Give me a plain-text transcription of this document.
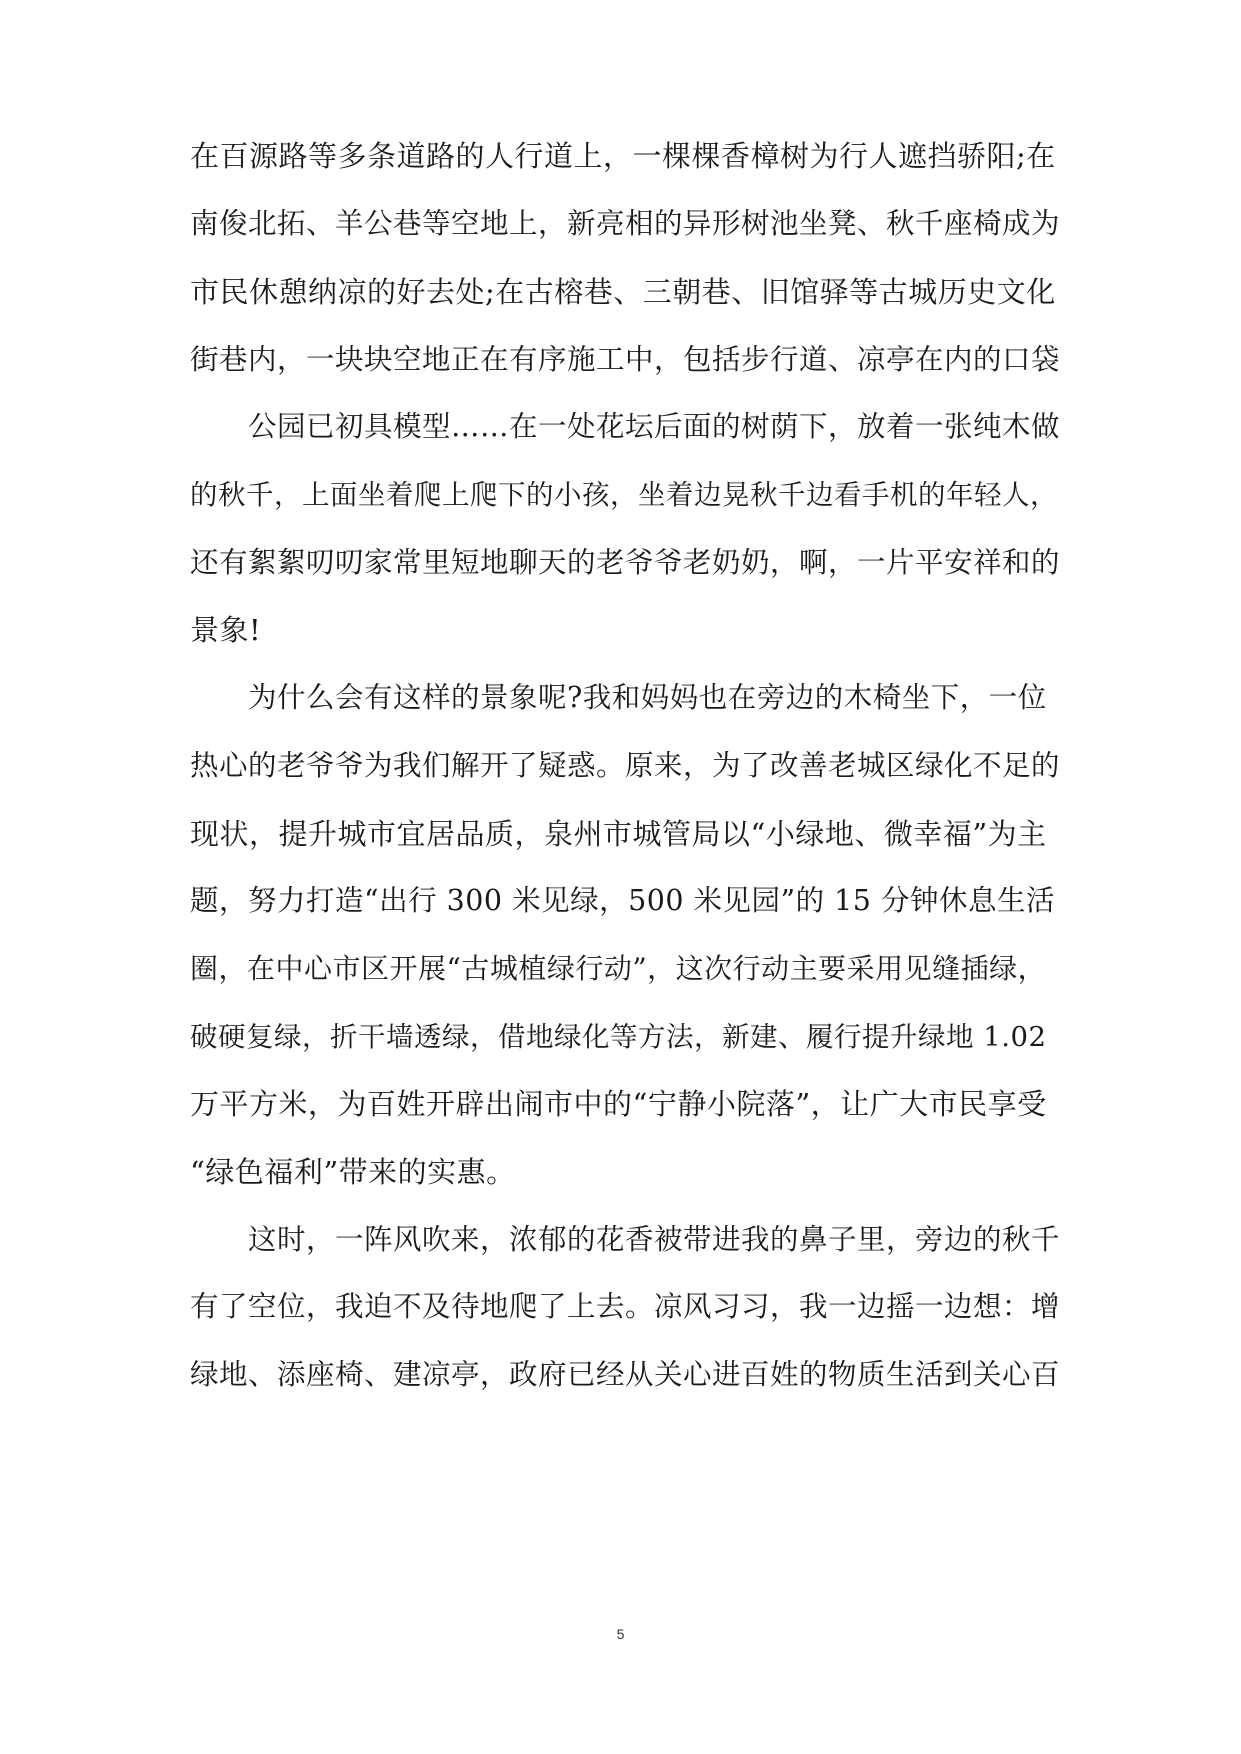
在百源路等多条道路的人行道上，一棵棵香樟树为行人遮挡骄阳;在
南俊北拓、羊公巷等空地上，新亮相的异形树池坐凳、秋千座椅成为
市民休憩纳凉的好去处;在古榕巷、三朝巷、旧馆驿等古城历史文化
街巷内，一块块空地正在有序施工中，包括步行道、凉亭在内的口袋
公园已初具模型……在一处花坛后面的树荫下，放着一张纯木做
的秋千，上面坐着爬上爬下的小孩，坐着边晃秋千边看手机的年轻人，
还有絮絮叨叨家常里短地聊天的老爷爷老奶奶，啊，一片平安祥和的
景象!
为什么会有这样的景象呢?我和妈妈也在旁边的木椅坐下，一位
热心的老爷爷为我们解开了疑惑。原来，为了改善老城区绿化不足的
现状，提升城市宜居品质，泉州市城管局以“小绿地、微幸福”为主
题，努力打造“出行 300 米见绿，500 米见园”的 15 分钟休息生活
圈，在中心市区开展“古城植绿行动”，这次行动主要采用见缝插绿，
破硬复绿，折干墙透绿，借地绿化等方法，新建、履行提升绿地 1.02
万平方米，为百姓开辟出闹市中的“宁静小院落”，让广大市民享受
“绿色福利”带来的实惠。
这时，一阵风吹来，浓郁的花香被带进我的鼻子里，旁边的秋千
有了空位，我迫不及待地爬了上去。凉风习习，我一边摇一边想：增
绿地、添座椅、建凉亭，政府已经从关心进百姓的物质生活到关心百
5
